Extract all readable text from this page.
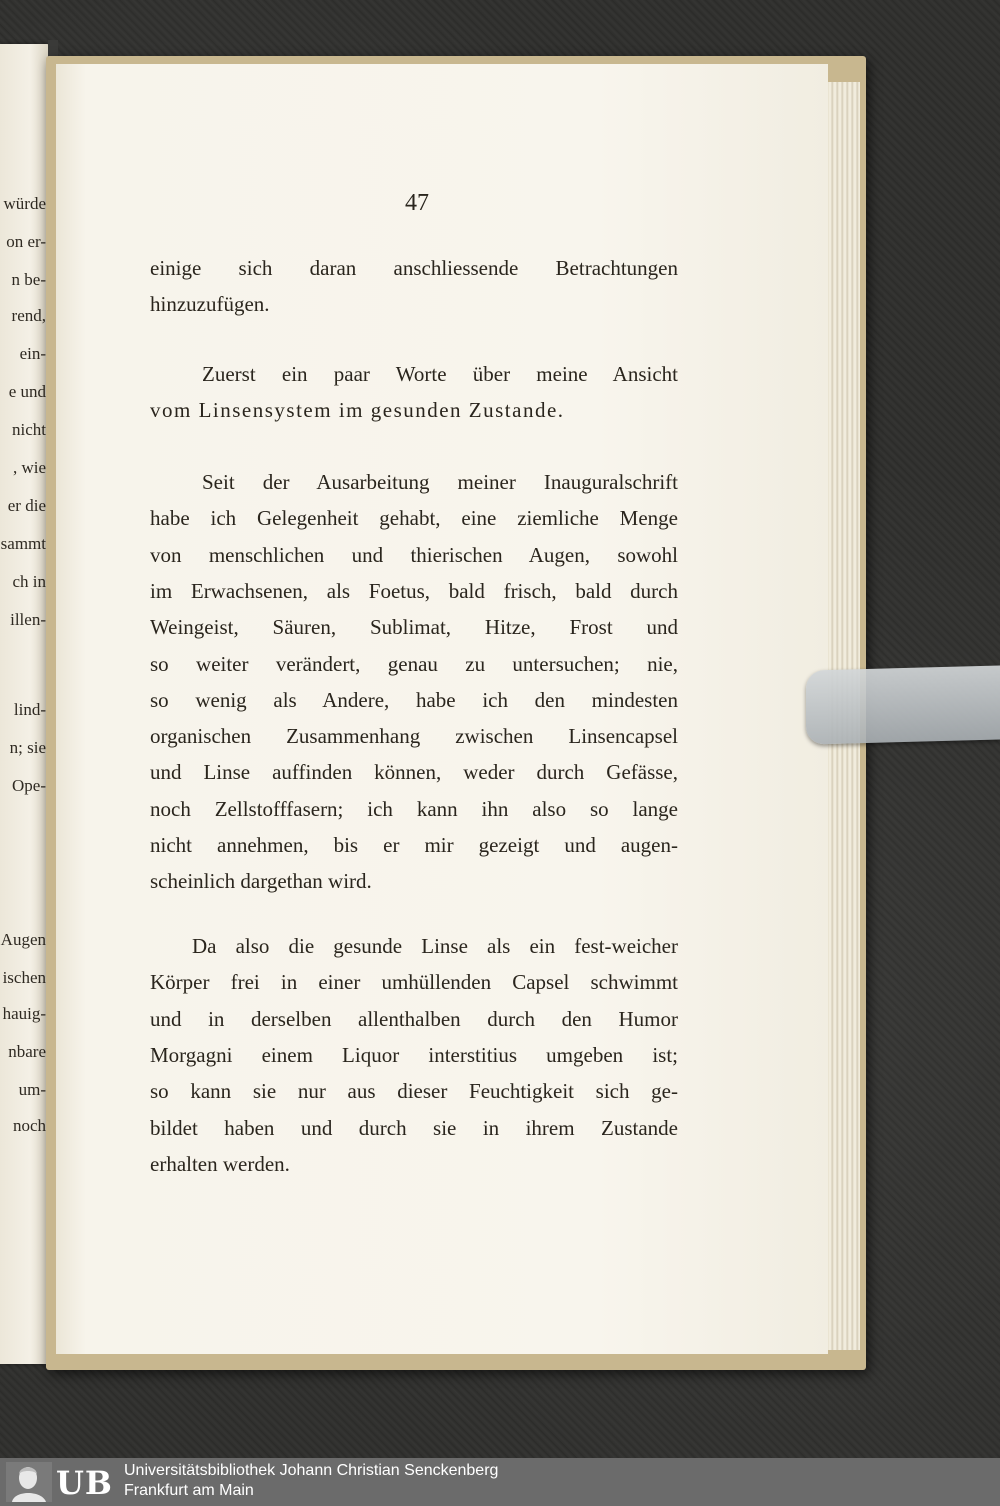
würde
on er-
n be-
rend,
ein-
e und
nicht
, wie
er die
sammt
ch in
illen-
lind-
n; sie
Ope-
Augen
ischen
hauig-
nbare
um-
noch
47
einige sich daran anschliessende Betrachtungen
hinzuzufügen.
Zuerst ein paar Worte über meine Ansicht
vom Linsensystem im gesunden Zustande.
Seit der Ausarbeitung meiner Inauguralschrift
habe ich Gelegenheit gehabt, eine ziemliche Menge
von menschlichen und thierischen Augen, sowohl
im Erwachsenen, als Foetus, bald frisch, bald durch
Weingeist, Säuren, Sublimat, Hitze, Frost und
so weiter verändert, genau zu untersuchen; nie,
so wenig als Andere, habe ich den mindesten
organischen Zusammenhang zwischen Linsencapsel
und Linse auffinden können, weder durch Gefässe,
noch Zellstofffasern; ich kann ihn also so lange
nicht annehmen, bis er mir gezeigt und augen-
scheinlich dargethan wird.
Da also die gesunde Linse als ein fest-weicher
Körper frei in einer umhüllenden Capsel schwimmt
und in derselben allenthalben durch den Humor
Morgagni einem Liquor interstitius umgeben ist;
so kann sie nur aus dieser Feuchtigkeit sich ge-
bildet haben und durch sie in ihrem Zustande
erhalten werden.
UB Universitätsbibliothek Johann Christian Senckenberg
Frankfurt am Main
